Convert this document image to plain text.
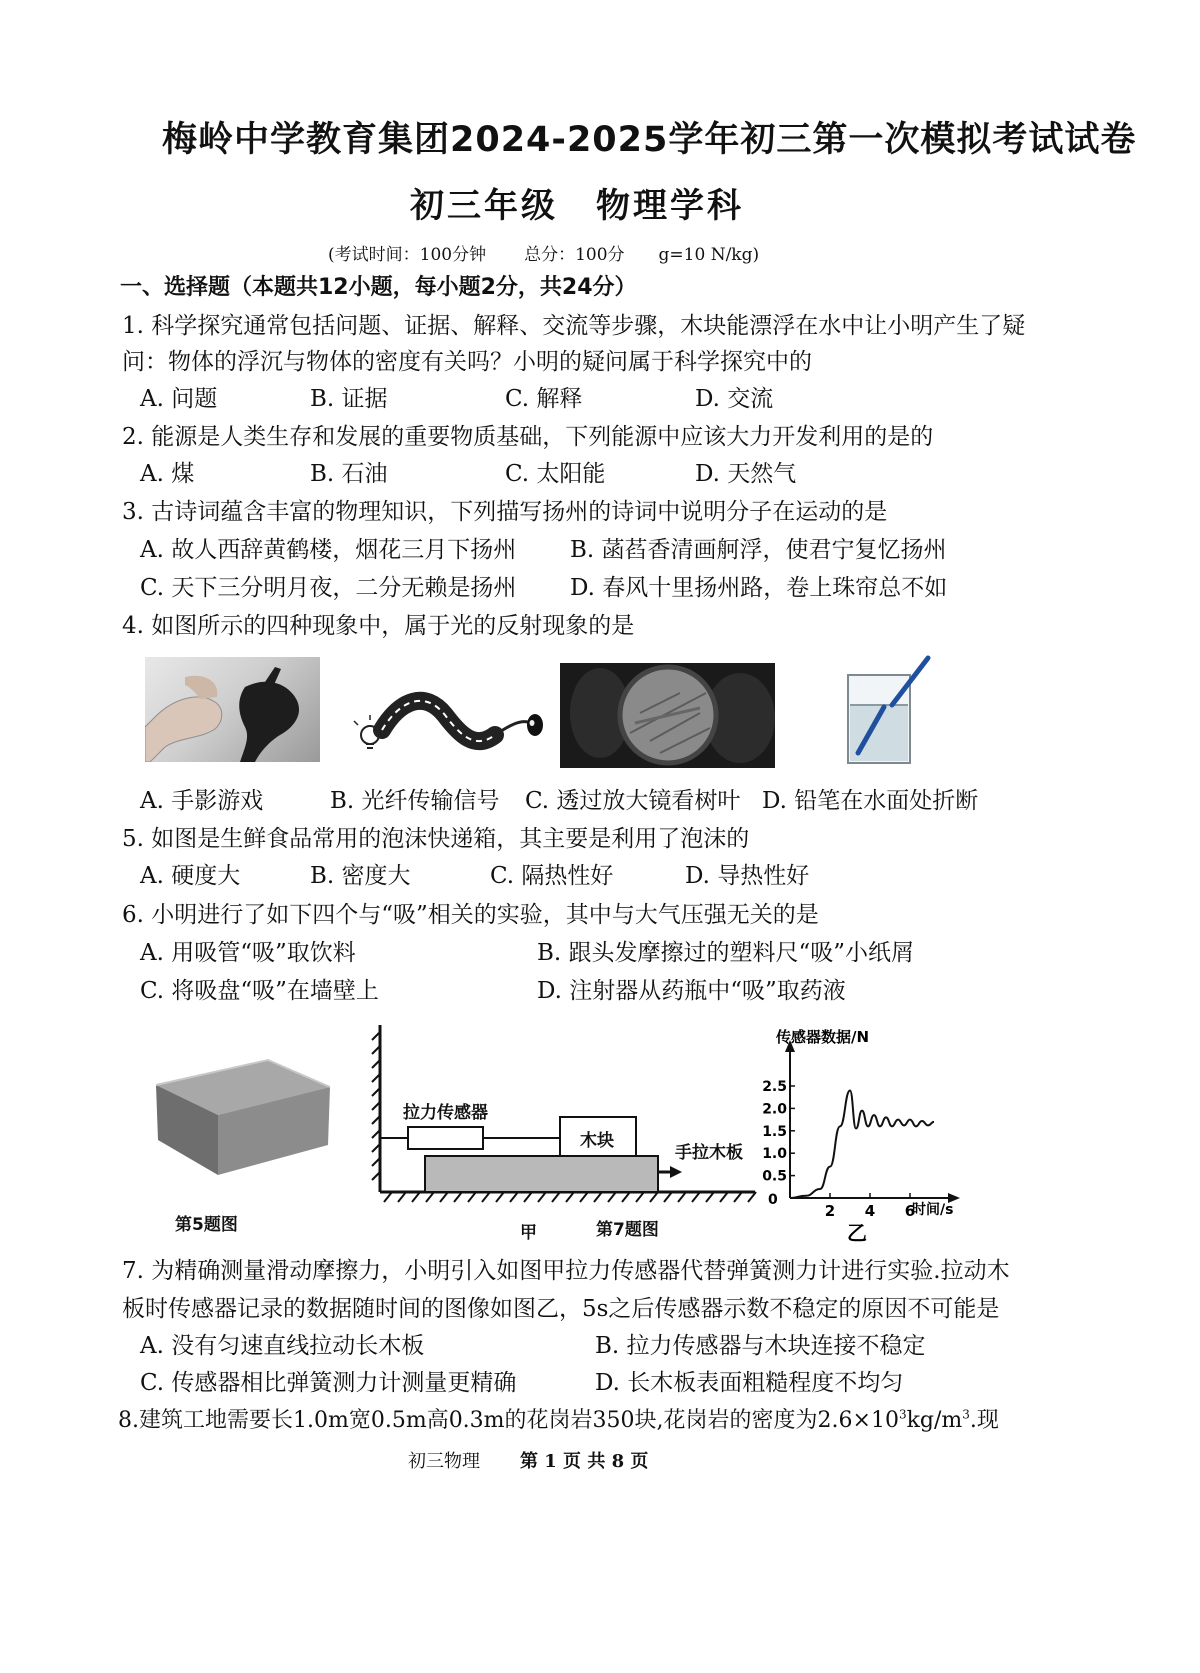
梅岭中学教育集团2024-2025学年初三第一次模拟考试试卷
初三年级 物理学科
(考试时间：100分钟 总分：100分 g=10 N/kg)
一、选择题（本题共12小题，每小题2分，共24分）
1. 科学探究通常包括问题、证据、解释、交流等步骤，木块能漂浮在水中让小明产生了疑
问：物体的浮沉与物体的密度有关吗？小明的疑问属于科学探究中的
A. 问题	B. 证据	C. 解释	D. 交流
2. 能源是人类生存和发展的重要物质基础，下列能源中应该大力开发利用的是的
A. 煤	B. 石油	C. 太阳能	D. 天然气
3. 古诗词蕴含丰富的物理知识，下列描写扬州的诗词中说明分子在运动的是
A. 故人西辞黄鹤楼，烟花三月下扬州 B. 菡萏香清画舸浮，使君宁复忆扬州
C. 天下三分明月夜，二分无赖是扬州 D. 春风十里扬州路，卷上珠帘总不如
4. 如图所示的四种现象中，属于光的反射现象的是
A. 手影游戏	B. 光纤传输信号 C. 透过放大镜看树叶 D. 铅笔在水面处折断
5. 如图是生鲜食品常用的泡沫快递箱，其主要是利用了泡沫的
A. 硬度大	B. 密度大	C. 隔热性好	D. 导热性好
6. 小明进行了如下四个与“吸”相关的实验，其中与大气压强无关的是
A. 用吸管“吸”取饮料	B. 跟头发摩擦过的塑料尺“吸”小纸屑
C. 将吸盘“吸”在墙壁上	D. 注射器从药瓶中“吸”取药液
第5题图
拉力传感器
木块
手拉木板
甲	第7题图
0
0.5
1.0
1.5
2.0
2.5
2 4 6
传感器数据/N
时间/s
乙
7. 为精确测量滑动摩擦力，小明引入如图甲拉力传感器代替弹簧测力计进行实验.拉动木
板时传感器记录的数据随时间的图像如图乙，5s之后传感器示数不稳定的原因不可能是
A. 没有匀速直线拉动长木板	B. 拉力传感器与木块连接不稳定
C. 传感器相比弹簧测力计测量更精确	D. 长木板表面粗糙程度不均匀
8.建筑工地需要长1.0m宽0.5m高0.3m的花岗岩350块,花岗岩的密度为$2.6\times 10^3kg/m^3$.现
初三物理 第 1 页 共 8 页
